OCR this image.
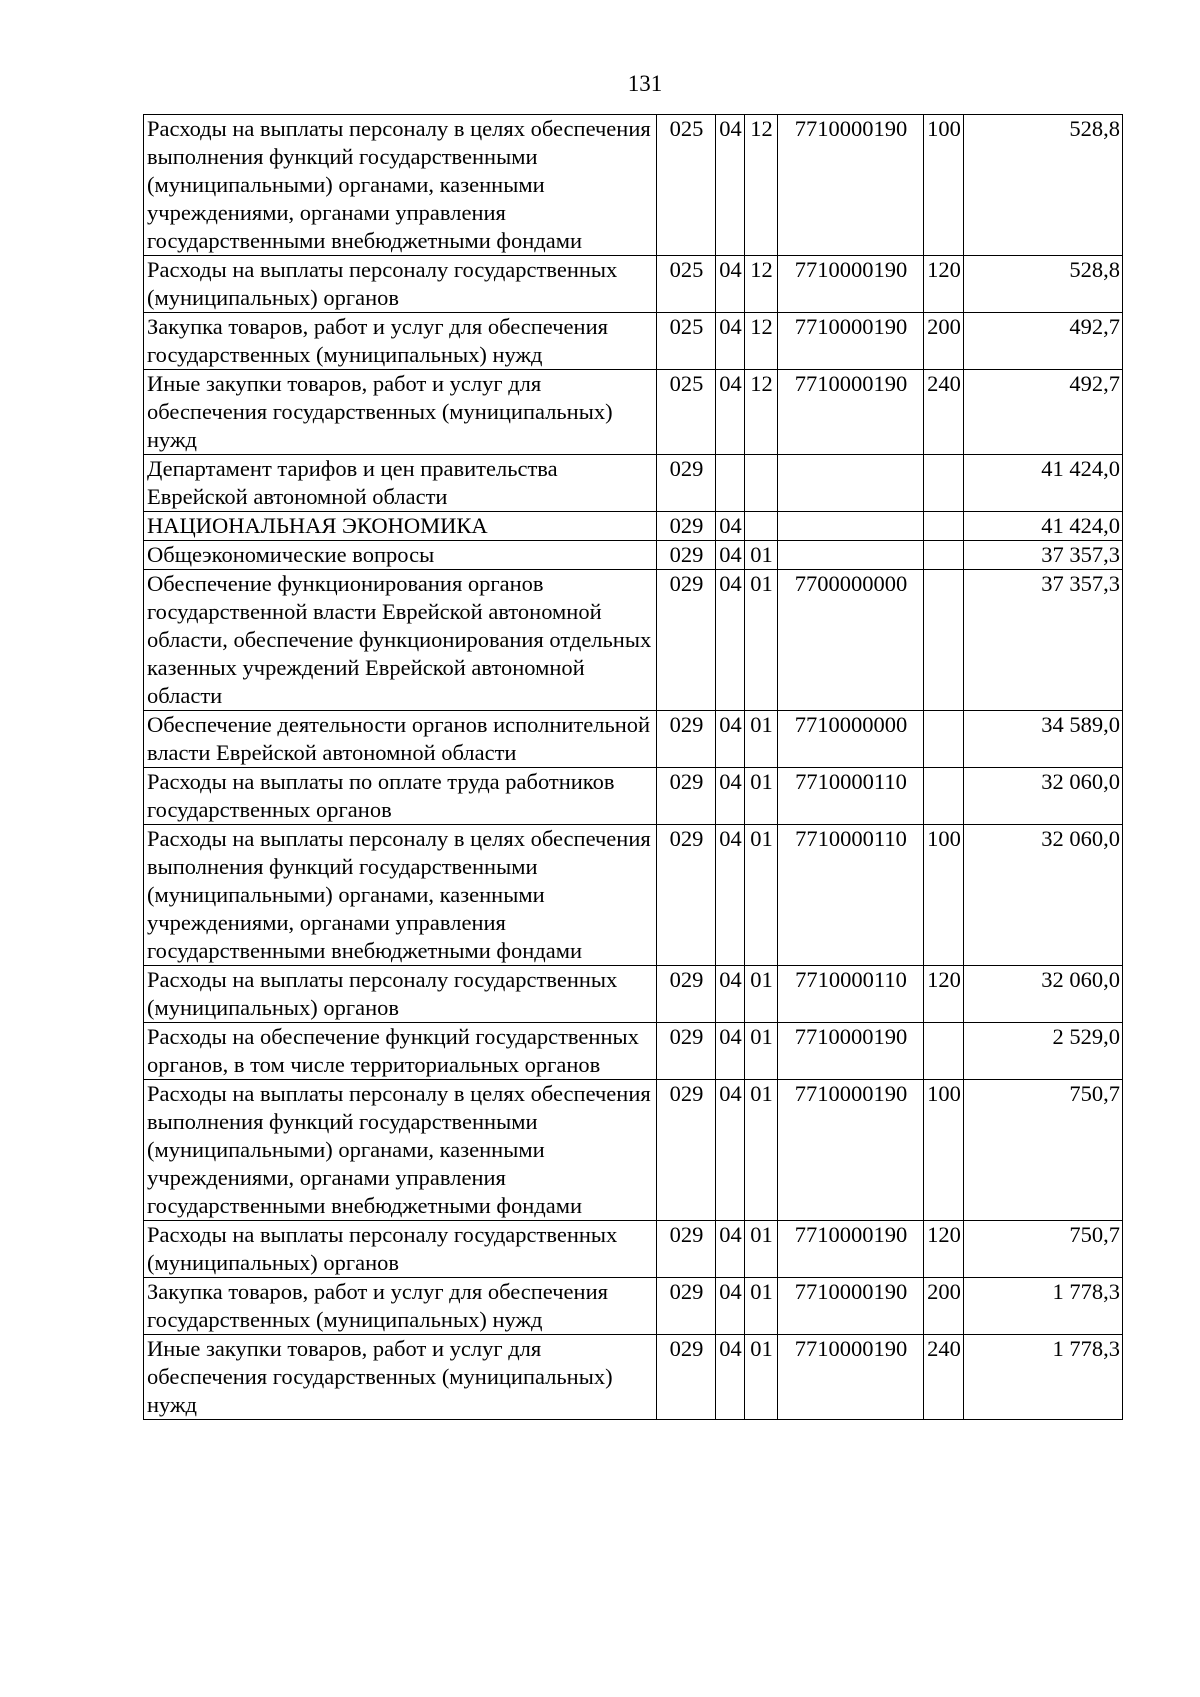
131
Расходы на выплаты персоналу в целях обеспечения выполнения функций государственными (муниципальными) органами, казенными учреждениями, органами управления государственными внебюджетными фондами	025	04	12	7710000190	100	528,8
Расходы на выплаты персоналу государственных (муниципальных) органов	025	04	12	7710000190	120	528,8
Закупка товаров, работ и услуг для обеспечения государственных (муниципальных) нужд	025	04	12	7710000190	200	492,7
Иные закупки товаров, работ и услуг для обеспечения государственных (муниципальных) нужд	025	04	12	7710000190	240	492,7
Департамент тарифов и цен правительства Еврейской автономной области	029					41 424,0
НАЦИОНАЛЬНАЯ ЭКОНОМИКА	029	04				41 424,0
Общеэкономические вопросы	029	04	01			37 357,3
Обеспечение функционирования органов государственной власти Еврейской автономной области, обеспечение функционирования отдельных казенных учреждений Еврейской автономной области	029	04	01	7700000000		37 357,3
Обеспечение деятельности органов исполнительной власти Еврейской автономной области	029	04	01	7710000000		34 589,0
Расходы на выплаты по оплате труда работников государственных органов	029	04	01	7710000110		32 060,0
Расходы на выплаты персоналу в целях обеспечения выполнения функций государственными (муниципальными) органами, казенными учреждениями, органами управления государственными внебюджетными фондами	029	04	01	7710000110	100	32 060,0
Расходы на выплаты персоналу государственных (муниципальных) органов	029	04	01	7710000110	120	32 060,0
Расходы на обеспечение функций государственных органов, в том числе территориальных органов	029	04	01	7710000190		2 529,0
Расходы на выплаты персоналу в целях обеспечения выполнения функций государственными (муниципальными) органами, казенными учреждениями, органами управления государственными внебюджетными фондами	029	04	01	7710000190	100	750,7
Расходы на выплаты персоналу государственных (муниципальных) органов	029	04	01	7710000190	120	750,7
Закупка товаров, работ и услуг для обеспечения государственных (муниципальных) нужд	029	04	01	7710000190	200	1 778,3
Иные закупки товаров, работ и услуг для обеспечения государственных (муниципальных) нужд	029	04	01	7710000190	240	1 778,3
